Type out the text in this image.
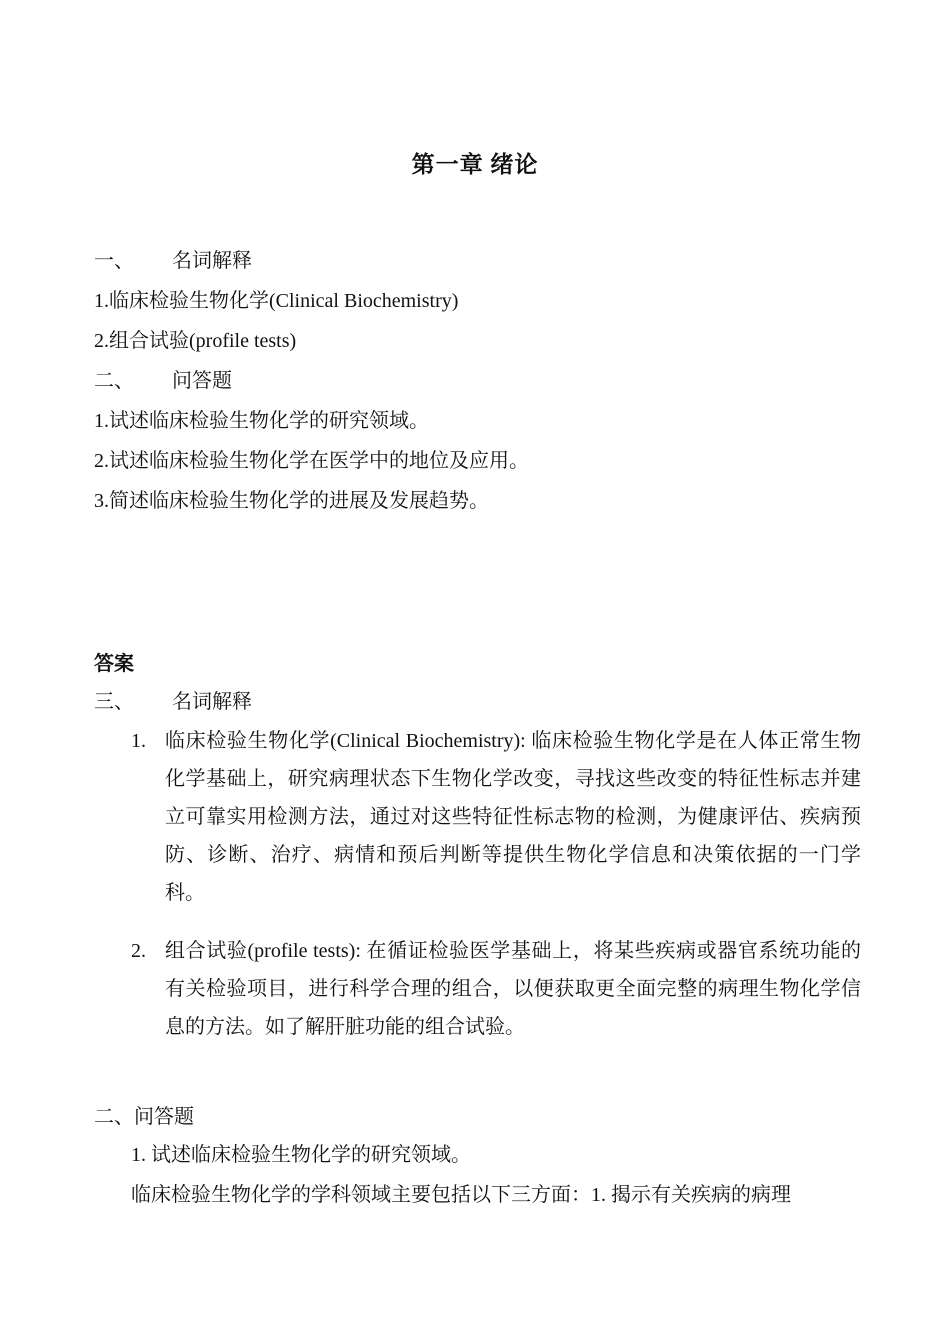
第一章 绪论
一、 名词解释
1.临床检验生物化学(Clinical Biochemistry)
2.组合试验(profile tests)
二、 问答题
1.试述临床检验生物化学的研究领域。
2.试述临床检验生物化学在医学中的地位及应用。
3.简述临床检验生物化学的进展及发展趋势。
答案
三、 名词解释
1. 临床检验生物化学(Clinical Biochemistry): 临床检验生物化学是在人体正常生物化学基础上，研究病理状态下生物化学改变，寻找这些改变的特征性标志并建立可靠实用检测方法，通过对这些特征性标志物的检测，为健康评估、疾病预防、诊断、治疗、病情和预后判断等提供生物化学信息和决策依据的一门学科。
2. 组合试验(profile tests): 在循证检验医学基础上，将某些疾病或器官系统功能的有关检验项目，进行科学合理的组合，以便获取更全面完整的病理生物化学信息的方法。如了解肝脏功能的组合试验。
二、问答题
1. 试述临床检验生物化学的研究领域。
临床检验生物化学的学科领域主要包括以下三方面：1. 揭示有关疾病的病理
